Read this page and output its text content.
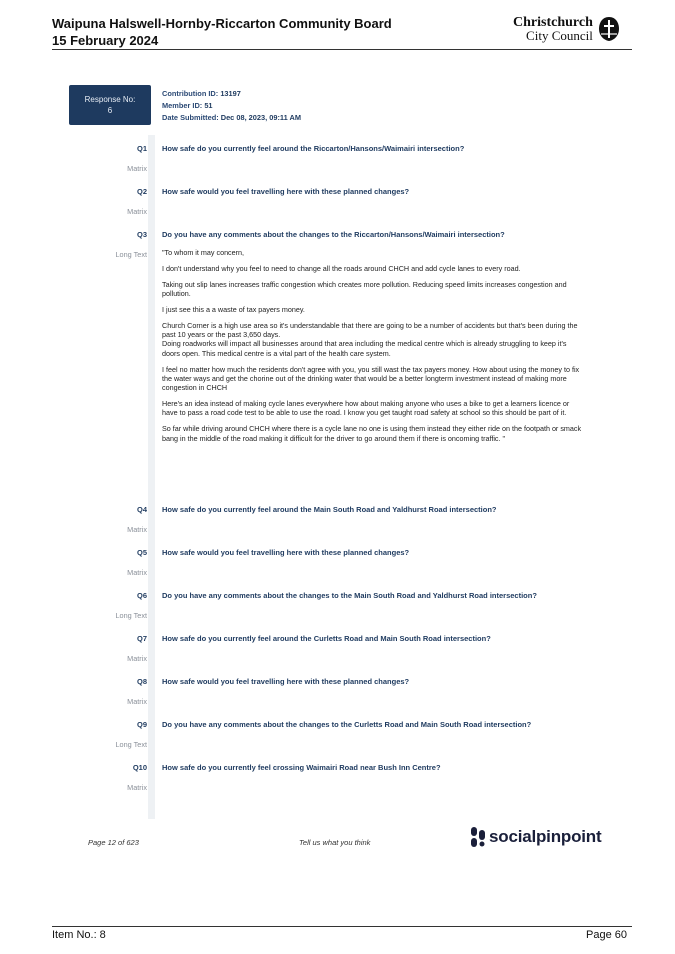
Waipuna Halswell-Hornby-Riccarton Community Board
15 February 2024
Christchurch
City Council
Response No:
6
Contribution ID: 13197
Member ID: 51
Date Submitted: Dec 08, 2023, 09:11 AM
Q1 How safe do you currently feel around the Riccarton/Hansons/Waimairi intersection?
Matrix
Q2 How safe would you feel travelling here with these planned changes?
Matrix
Q3 Do you have any comments about the changes to the Riccarton/Hansons/Waimairi intersection?
Long Text "To whom it may concern,

I don't understand why you feel to need to change all the roads around CHCH and add cycle lanes to every road.

Taking out slip lanes increases traffic congestion which creates more pollution. Reducing speed limits increases congestion and pollution.

I just see this a a waste of tax payers money.

Church Corner is a high use area so it's understandable that there are going to be a number of accidents but that's been during the past 10 years or the past 3,650 days.
Doing roadworks will impact all businesses around that area including the medical centre which is already struggling to keep it's doors open. This medical centre is a vital part of the health care system.

I feel no matter how much the residents don't agree with you, you still wast the tax payers money. How about using the money to fix the water ways and get the chorine out of the drinking water that would be a better longterm investment instead of making more congestion in CHCH

Here's an idea instead of making cycle lanes everywhere how about making anyone who uses a bike to get a learners licence or have to pass a road code test to be able to use the road. I know you get taught road safety at school so this should be part of it.

So far while driving around CHCH where there is a cycle lane no one is using them instead they either ride on the footpath or smack bang in the middle of the road making it difficult for the driver to go around them if there is oncoming traffic. "

Q4 How safe do you currently feel around the Main South Road and Yaldhurst Road intersection?
Matrix
Q5 How safe would you feel travelling here with these planned changes?
Matrix
Q6 Do you have any comments about the changes to the Main South Road and Yaldhurst Road intersection?
Long Text
Q7 How safe do you currently feel around the Curletts Road and Main South Road intersection?
Matrix
Q8 How safe would you feel travelling here with these planned changes?
Matrix
Q9 Do you have any comments about the changes to the Curletts Road and Main South Road intersection?
Long Text
Q10 How safe do you currently feel crossing Waimairi Road near Bush Inn Centre?
Matrix
Page 12 of 623	Tell us what you think	socialpinpoint
Item No.: 8	Page 60
